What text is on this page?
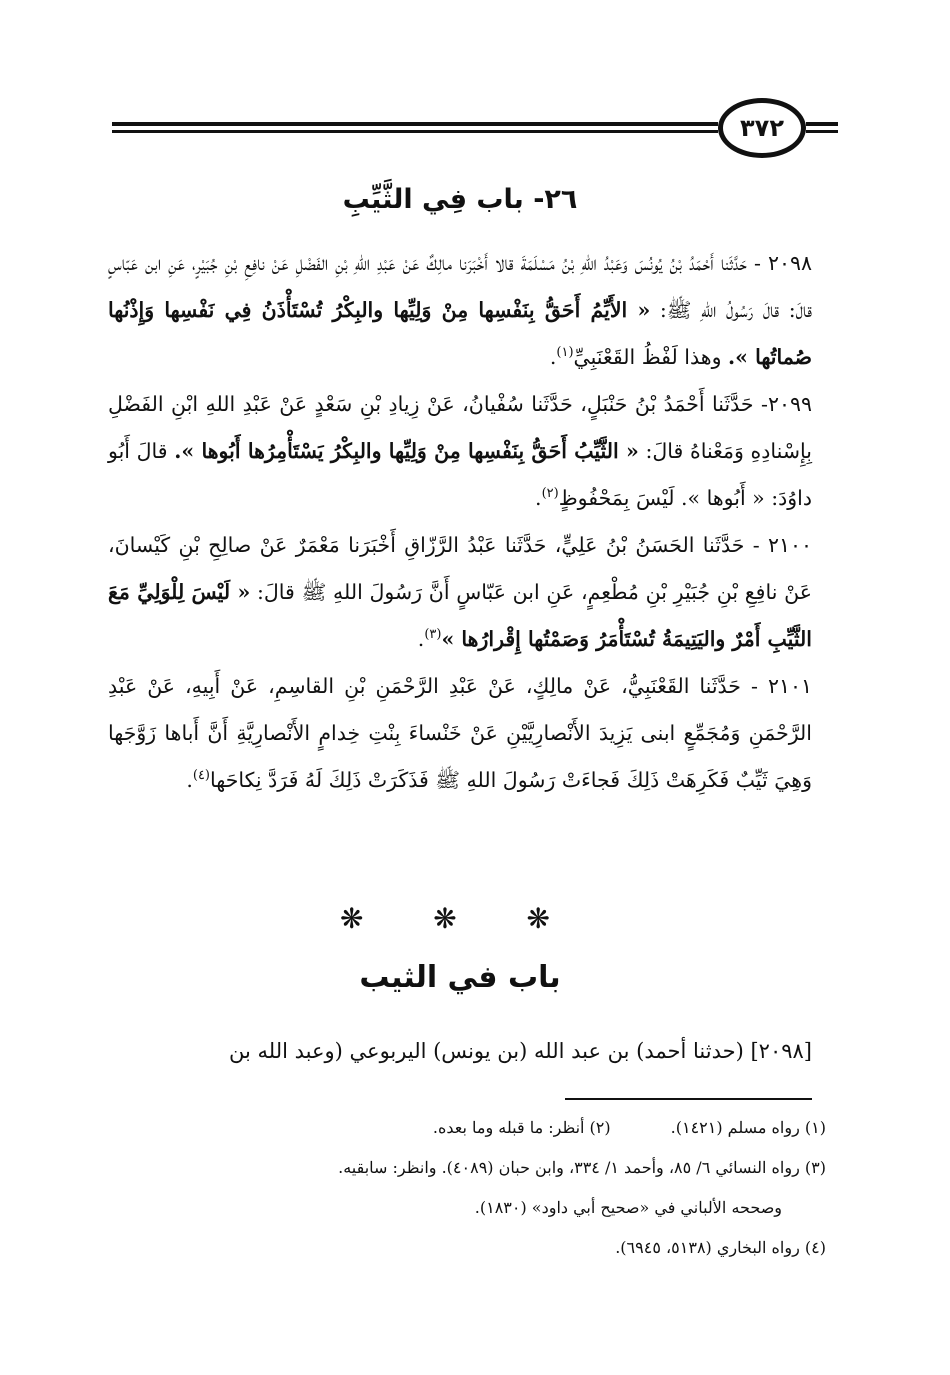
٣٧٢
٢٦- باب فِي الثَّيِّبِ

٢٠٩٨ - حَدَّثَنا أَحْمَدُ بْنُ يُونُسَ وَعَبْدُ اللهِ بْنُ مَسْلَمَةَ قالا أَخْبَرَنا مالِكٌ عَنْ عَبْدِ اللهِ بْنِ الفَضْلِ عَنْ نافِعِ بْنِ جُبَيْرٍ، عَنِ ابن عَبّاسٍ قالَ: قالَ رَسُولُ اللهِ ﷺ: « الأَيِّمُ أَحَقُّ بِنَفْسِها مِنْ وَلِيِّها والبِكْرُ تُسْتَأْذَنُ فِي نَفْسِها وَإِذْنُها صُماتُها ». وهذا لَفْظُ القَعْنَبِيِّ$^{(١)}$.

٢٠٩٩- حَدَّثَنا أَحْمَدُ بْنُ حَنْبَلٍ، حَدَّثَنا سُفْيانُ، عَنْ زِيادِ بْنِ سَعْدٍ عَنْ عَبْدِ اللهِ ابْنِ الفَضْلِ بِإِسْنادِهِ وَمَعْناهُ قالَ: « الثَّيِّبُ أَحَقُّ بِنَفْسِها مِنْ وَلِيِّها والبِكْرُ يَسْتَأْمِرُها أَبُوها ». قالَ أَبُو داوُدَ: « أَبُوها ». لَيْسَ بِمَحْفُوظٍ$^{(٢)}$.

٢١٠٠ - حَدَّثَنا الحَسَنُ بْنُ عَلِيٍّ، حَدَّثَنا عَبْدُ الرَّزّاقِ أَخْبَرَنا مَعْمَرٌ عَنْ صالِحِ بْنِ كَيْسانَ، عَنْ نافِعِ بْنِ جُبَيْرِ بْنِ مُطْعِمٍ، عَنِ ابن عَبّاسٍ أَنَّ رَسُولَ اللهِ ﷺ قالَ: « لَيْسَ لِلْوَلِيِّ مَعَ الثَّيِّبِ أَمْرٌ واليَتِيمَةُ تُسْتَأْمَرُ وَصَمْتُها إِقْرارُها »$^{(٣)}$.

٢١٠١ - حَدَّثَنا القَعْنَبِيُّ، عَنْ مالِكٍ، عَنْ عَبْدِ الرَّحْمَنِ بْنِ القاسِمِ، عَنْ أَبِيهِ، عَنْ عَبْدِ الرَّحْمَنِ وَمُجَمِّعٍ ابنى يَزِيدَ الأَنْصارِيَّيْنِ عَنْ خَنْساءَ بِنْتِ خِدامٍ الأَنْصارِيَّةِ أَنَّ أَباها زَوَّجَها وَهِيَ ثَيِّبٌ فَكَرِهَتْ ذَلِكَ فَجاءَتْ رَسُولَ اللهِ ﷺ فَذَكَرَتْ ذَلِكَ لَهُ فَرَدَّ نِكاحَها$^{(٤)}$.

❋ ❋ ❋
باب في الثيب
[٢٠٩٨] (حدثنا أحمد) بن عبد الله (بن يونس) اليربوعي (وعبد الله بن
(١) رواه مسلم (١٤٢١).(٢) أنظر: ما قبله وما بعده.
(٣) رواه النسائي ٦/ ٨٥، وأحمد ١/ ٣٣٤، وابن حبان (٤٠٨٩). وانظر: سابقيه.
وصححه الألباني في «صحيح أبي داود» (١٨٣٠).
(٤) رواه البخاري (٥١٣٨، ٦٩٤٥).
